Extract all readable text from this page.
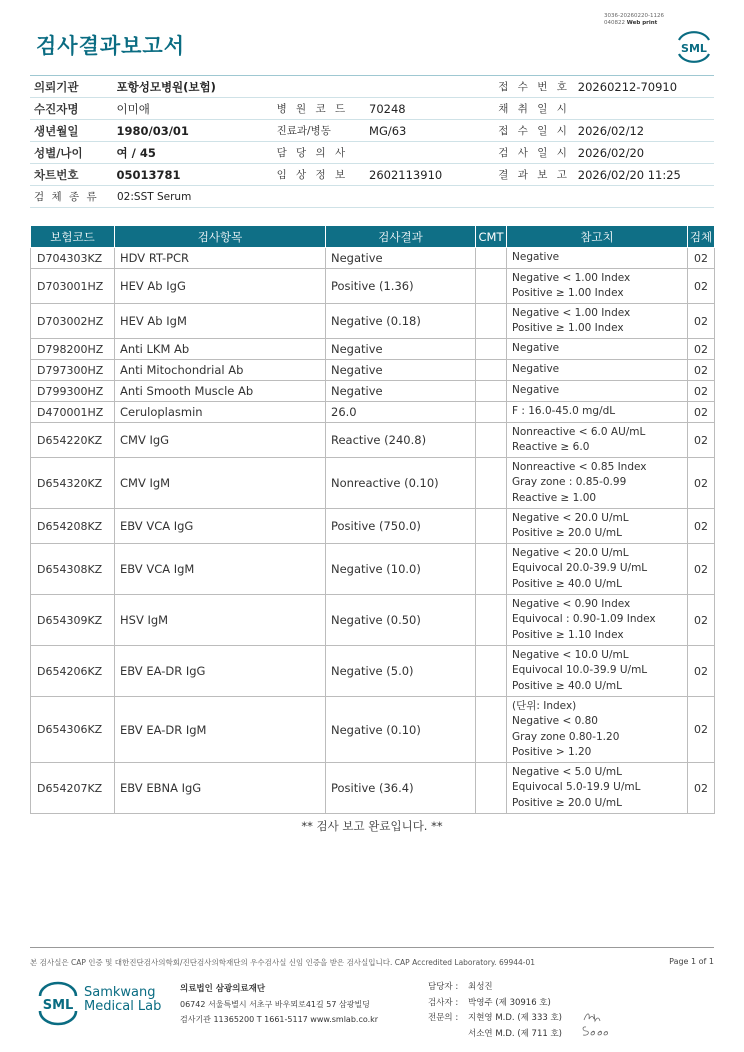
검사결과보고서
3036-20260220-1126
040822 Web print
SML
의뢰기관	포항성모병원(보험)	접 수 번 호 20260212-70910
수진자명	이미애	병 원 코 드	70248	채 취 일 시
생년월일	1980/03/01	진료과/병동	MG/63	접 수 일 시 2026/02/12
성별/나이	여 / 45	담 당 의 사	검 사 일 시 2026/02/20
차트번호	05013781	임 상 정 보	2602113910	결 과 보 고 2026/02/20 11:25
검 체 종 류	02:SST Serum
보험코드	검사항목	검사결과	CMT	참고치	검체
D704303KZ	HDV RT-PCR	Negative		Negative	02
D703001HZ	HEV Ab IgG	Positive (1.36)		Negative < 1.00 Index
Positive ≥ 1.00 Index	02
D703002HZ	HEV Ab IgM	Negative (0.18)		Negative < 1.00 Index
Positive ≥ 1.00 Index	02
D798200HZ	Anti LKM Ab	Negative		Negative	02
D797300HZ	Anti Mitochondrial Ab	Negative		Negative	02
D799300HZ	Anti Smooth Muscle Ab	Negative		Negative	02
D470001HZ	Ceruloplasmin	26.0		F : 16.0-45.0 mg/dL	02
D654220KZ	CMV IgG	Reactive (240.8)		Nonreactive < 6.0 AU/mL
Reactive ≥ 6.0	02
D654320KZ	CMV IgM	Nonreactive (0.10)		Nonreactive < 0.85 Index
Gray zone : 0.85-0.99
Reactive ≥ 1.00	02
D654208KZ	EBV VCA IgG	Positive (750.0)		Negative < 20.0 U/mL
Positive ≥ 20.0 U/mL	02
D654308KZ	EBV VCA IgM	Negative (10.0)		Negative < 20.0 U/mL
Equivocal 20.0-39.9 U/mL
Positive ≥ 40.0 U/mL	02
D654309KZ	HSV IgM	Negative (0.50)		Negative < 0.90 Index
Equivocal : 0.90-1.09 Index
Positive ≥ 1.10 Index	02
D654206KZ	EBV EA-DR IgG	Negative (5.0)		Negative < 10.0 U/mL
Equivocal 10.0-39.9 U/mL
Positive ≥ 40.0 U/mL	02
D654306KZ	EBV EA-DR IgM	Negative (0.10)		(단위: Index)
Negative < 0.80
Gray zone 0.80-1.20
Positive > 1.20	02
D654207KZ	EBV EBNA IgG	Positive (36.4)		Negative < 5.0 U/mL
Equivocal 5.0-19.9 U/mL
Positive ≥ 20.0 U/mL	02
** 검사 보고 완료입니다. **
본 검사실은 CAP 인증 및 대한진단검사의학회/진단검사의학재단의 우수검사실 신임 인증을 받은 검사실입니다. CAP Accredited Laboratory. 69944-01	Page 1 of 1
SML
Samkwang
Medical Lab
의료법인 삼광의료재단
06742 서울특별시 서초구 바우뫼로41길 57 삼광빌딩
검사기관 11365200 T 1661-5117 www.smlab.co.kr
담당자 :	최성진
검사자 :	박영주 (제 30916 호)
전문의 :	지현영 M.D. (제 333 호)
서소연 M.D. (제 711 호)
